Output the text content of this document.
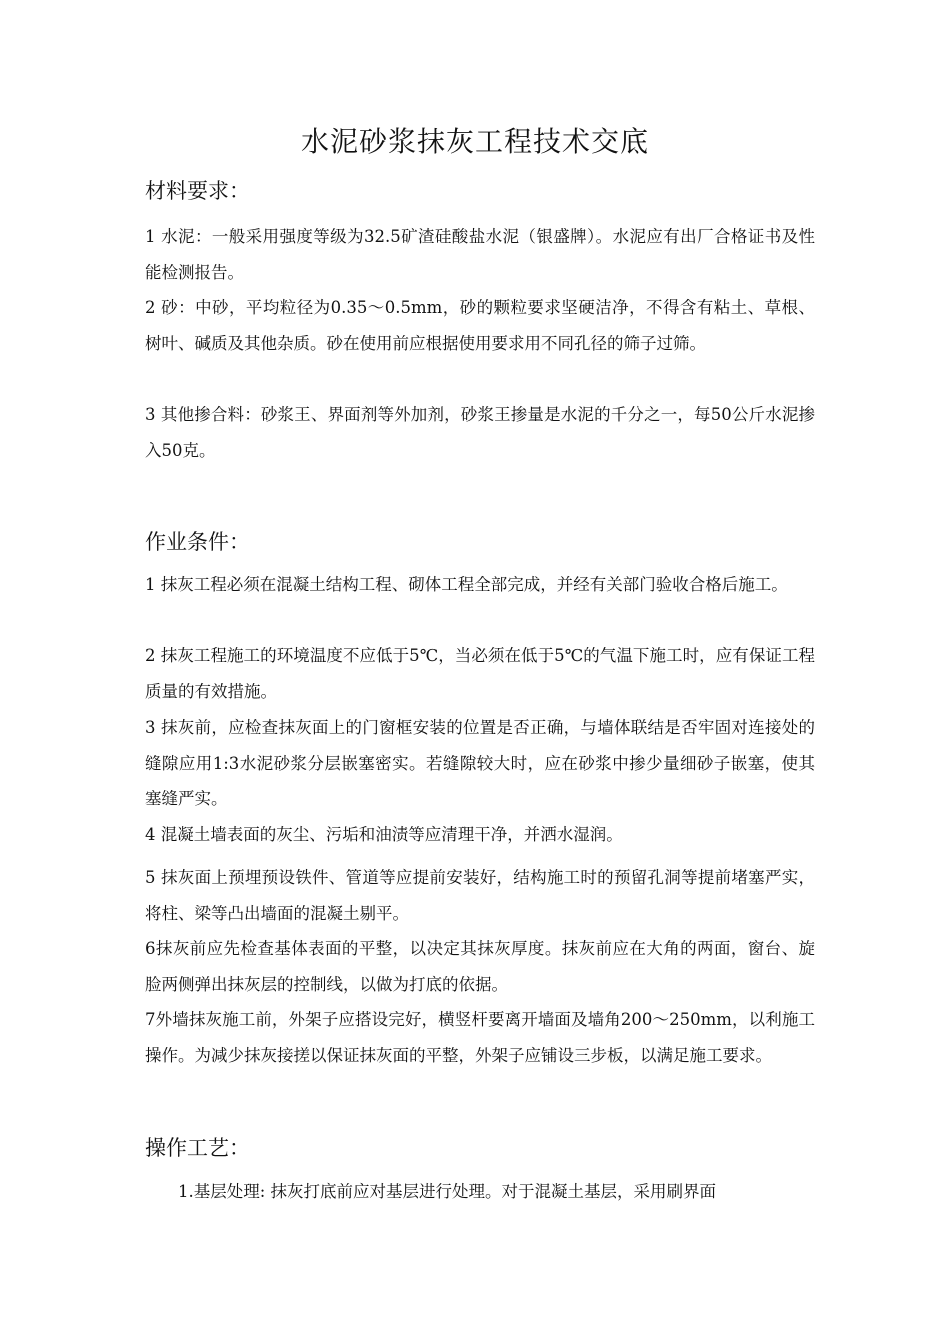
水泥砂浆抹灰工程技术交底
材料要求：
1 水泥：一般采用强度等级为32.5矿渣硅酸盐水泥（银盛牌）。水泥应有出厂合格证书及性能检测报告。
2 砂：中砂，平均粒径为0.35～0.5mm，砂的颗粒要求坚硬洁净，不得含有粘土、草根、树叶、碱质及其他杂质。砂在使用前应根据使用要求用不同孔径的筛子过筛。
3 其他掺合料：砂浆王、界面剂等外加剂，砂浆王掺量是水泥的千分之一，每50公斤水泥掺入50克。
作业条件：
1 抹灰工程必须在混凝土结构工程、砌体工程全部完成，并经有关部门验收合格后施工。
2 抹灰工程施工的环境温度不应低于5℃，当必须在低于5℃的气温下施工时，应有保证工程质量的有效措施。
3 抹灰前，应检查抹灰面上的门窗框安装的位置是否正确，与墙体联结是否牢固对连接处的缝隙应用1:3水泥砂浆分层嵌塞密实。若缝隙较大时，应在砂浆中掺少量细砂子嵌塞，使其塞缝严实。
4 混凝土墙表面的灰尘、污垢和油渍等应清理干净，并洒水湿润。
5 抹灰面上预埋预设铁件、管道等应提前安装好，结构施工时的预留孔洞等提前堵塞严实，将柱、梁等凸出墙面的混凝土剔平。
6抹灰前应先检查基体表面的平整，以决定其抹灰厚度。抹灰前应在大角的两面，窗台、旋脸两侧弹出抹灰层的控制线，以做为打底的依据。
7外墙抹灰施工前，外架子应搭设完好，横竖杆要离开墙面及墙角200～250mm，以利施工操作。为减少抹灰接搓以保证抹灰面的平整，外架子应铺设三步板，以满足施工要求。
操作工艺：
1.基层处理: 抹灰打底前应对基层进行处理。对于混凝土基层，采用刷界面
